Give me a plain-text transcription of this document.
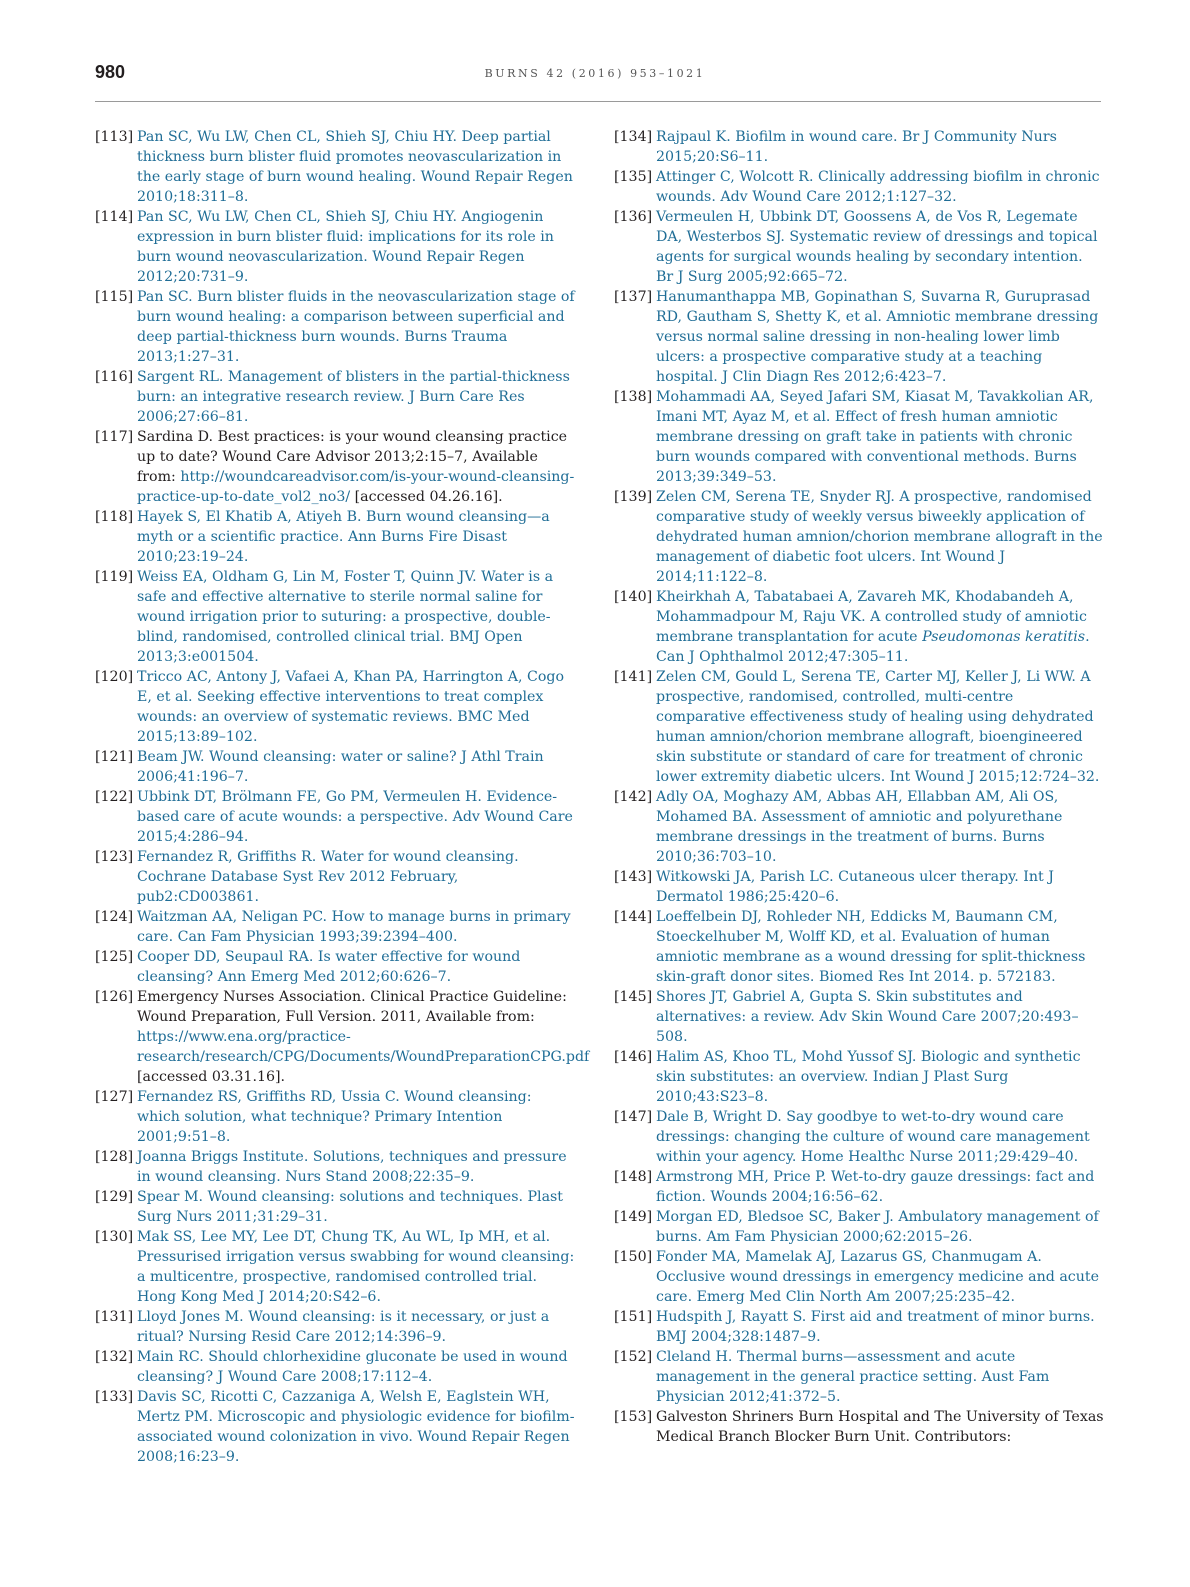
980	BURNS 42 (2016) 953–1021
[113] Pan SC, Wu LW, Chen CL, Shieh SJ, Chiu HY. Deep partial thickness burn blister fluid promotes neovascularization in the early stage of burn wound healing. Wound Repair Regen 2010;18:311–8.
[114] Pan SC, Wu LW, Chen CL, Shieh SJ, Chiu HY. Angiogenin expression in burn blister fluid: implications for its role in burn wound neovascularization. Wound Repair Regen 2012;20:731–9.
[115] Pan SC. Burn blister fluids in the neovascularization stage of burn wound healing: a comparison between superficial and deep partial-thickness burn wounds. Burns Trauma 2013;1:27–31.
[116] Sargent RL. Management of blisters in the partial-thickness burn: an integrative research review. J Burn Care Res 2006;27:66–81.
[117] Sardina D. Best practices: is your wound cleansing practice up to date? Wound Care Advisor 2013;2:15–7, Available from: http://woundcareadvisor.com/is-your-wound-cleansing-practice-up-to-date_vol2_no3/ [accessed 04.26.16].
[118] Hayek S, El Khatib A, Atiyeh B. Burn wound cleansing—a myth or a scientific practice. Ann Burns Fire Disast 2010;23:19–24.
[119] Weiss EA, Oldham G, Lin M, Foster T, Quinn JV. Water is a safe and effective alternative to sterile normal saline for wound irrigation prior to suturing: a prospective, double-blind, randomised, controlled clinical trial. BMJ Open 2013;3:e001504.
[120] Tricco AC, Antony J, Vafaei A, Khan PA, Harrington A, Cogo E, et al. Seeking effective interventions to treat complex wounds: an overview of systematic reviews. BMC Med 2015;13:89–102.
[121] Beam JW. Wound cleansing: water or saline? J Athl Train 2006;41:196–7.
[122] Ubbink DT, Brölmann FE, Go PM, Vermeulen H. Evidence-based care of acute wounds: a perspective. Adv Wound Care 2015;4:286–94.
[123] Fernandez R, Griffiths R. Water for wound cleansing. Cochrane Database Syst Rev 2012 February, pub2:CD003861.
[124] Waitzman AA, Neligan PC. How to manage burns in primary care. Can Fam Physician 1993;39:2394–400.
[125] Cooper DD, Seupaul RA. Is water effective for wound cleansing? Ann Emerg Med 2012;60:626–7.
[126] Emergency Nurses Association. Clinical Practice Guideline: Wound Preparation, Full Version. 2011, Available from: https://www.ena.org/practice-research/research/CPG/Documents/WoundPreparationCPG.pdf [accessed 03.31.16].
[127] Fernandez RS, Griffiths RD, Ussia C. Wound cleansing: which solution, what technique? Primary Intention 2001;9:51–8.
[128] Joanna Briggs Institute. Solutions, techniques and pressure in wound cleansing. Nurs Stand 2008;22:35–9.
[129] Spear M. Wound cleansing: solutions and techniques. Plast Surg Nurs 2011;31:29–31.
[130] Mak SS, Lee MY, Lee DT, Chung TK, Au WL, Ip MH, et al. Pressurised irrigation versus swabbing for wound cleansing: a multicentre, prospective, randomised controlled trial. Hong Kong Med J 2014;20:S42–6.
[131] Lloyd Jones M. Wound cleansing: is it necessary, or just a ritual? Nursing Resid Care 2012;14:396–9.
[132] Main RC. Should chlorhexidine gluconate be used in wound cleansing? J Wound Care 2008;17:112–4.
[133] Davis SC, Ricotti C, Cazzaniga A, Welsh E, Eaglstein WH, Mertz PM. Microscopic and physiologic evidence for biofilm-associated wound colonization in vivo. Wound Repair Regen 2008;16:23–9.
[134] Rajpaul K. Biofilm in wound care. Br J Community Nurs 2015;20:S6–11.
[135] Attinger C, Wolcott R. Clinically addressing biofilm in chronic wounds. Adv Wound Care 2012;1:127–32.
[136] Vermeulen H, Ubbink DT, Goossens A, de Vos R, Legemate DA, Westerbos SJ. Systematic review of dressings and topical agents for surgical wounds healing by secondary intention. Br J Surg 2005;92:665–72.
[137] Hanumanthappa MB, Gopinathan S, Suvarna R, Guruprasad RD, Gautham S, Shetty K, et al. Amniotic membrane dressing versus normal saline dressing in non-healing lower limb ulcers: a prospective comparative study at a teaching hospital. J Clin Diagn Res 2012;6:423–7.
[138] Mohammadi AA, Seyed Jafari SM, Kiasat M, Tavakkolian AR, Imani MT, Ayaz M, et al. Effect of fresh human amniotic membrane dressing on graft take in patients with chronic burn wounds compared with conventional methods. Burns 2013;39:349–53.
[139] Zelen CM, Serena TE, Snyder RJ. A prospective, randomised comparative study of weekly versus biweekly application of dehydrated human amnion/chorion membrane allograft in the management of diabetic foot ulcers. Int Wound J 2014;11:122–8.
[140] Kheirkhah A, Tabatabaei A, Zavareh MK, Khodabandeh A, Mohammadpour M, Raju VK. A controlled study of amniotic membrane transplantation for acute Pseudomonas keratitis. Can J Ophthalmol 2012;47:305–11.
[141] Zelen CM, Gould L, Serena TE, Carter MJ, Keller J, Li WW. A prospective, randomised, controlled, multi-centre comparative effectiveness study of healing using dehydrated human amnion/chorion membrane allograft, bioengineered skin substitute or standard of care for treatment of chronic lower extremity diabetic ulcers. Int Wound J 2015;12:724–32.
[142] Adly OA, Moghazy AM, Abbas AH, Ellabban AM, Ali OS, Mohamed BA. Assessment of amniotic and polyurethane membrane dressings in the treatment of burns. Burns 2010;36:703–10.
[143] Witkowski JA, Parish LC. Cutaneous ulcer therapy. Int J Dermatol 1986;25:420–6.
[144] Loeffelbein DJ, Rohleder NH, Eddicks M, Baumann CM, Stoeckelhuber M, Wolff KD, et al. Evaluation of human amniotic membrane as a wound dressing for split-thickness skin-graft donor sites. Biomed Res Int 2014. p. 572183.
[145] Shores JT, Gabriel A, Gupta S. Skin substitutes and alternatives: a review. Adv Skin Wound Care 2007;20:493–508.
[146] Halim AS, Khoo TL, Mohd Yussof SJ. Biologic and synthetic skin substitutes: an overview. Indian J Plast Surg 2010;43:S23–8.
[147] Dale B, Wright D. Say goodbye to wet-to-dry wound care dressings: changing the culture of wound care management within your agency. Home Healthc Nurse 2011;29:429–40.
[148] Armstrong MH, Price P. Wet-to-dry gauze dressings: fact and fiction. Wounds 2004;16:56–62.
[149] Morgan ED, Bledsoe SC, Baker J. Ambulatory management of burns. Am Fam Physician 2000;62:2015–26.
[150] Fonder MA, Mamelak AJ, Lazarus GS, Chanmugam A. Occlusive wound dressings in emergency medicine and acute care. Emerg Med Clin North Am 2007;25:235–42.
[151] Hudspith J, Rayatt S. First aid and treatment of minor burns. BMJ 2004;328:1487–9.
[152] Cleland H. Thermal burns—assessment and acute management in the general practice setting. Aust Fam Physician 2012;41:372–5.
[153] Galveston Shriners Burn Hospital and The University of Texas Medical Branch Blocker Burn Unit. Contributors:
